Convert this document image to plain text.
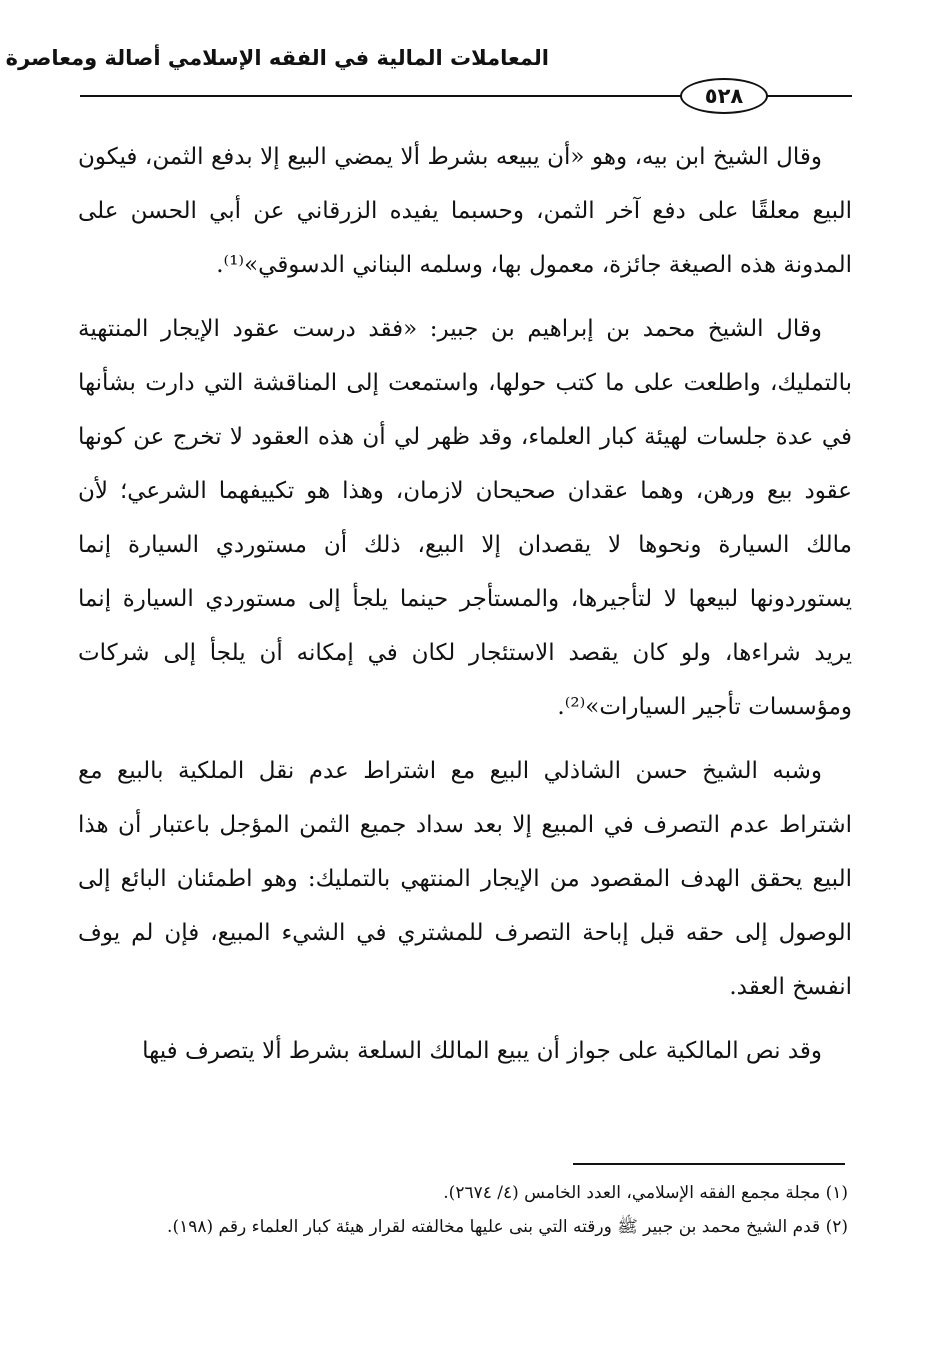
المعاملات المالية في الفقه الإسلامي أصالة ومعاصرة
٥٢٨

وقال الشيخ ابن بيه، وهو «أن يبيعه بشرط ألا يمضي البيع إلا بدفع الثمن، فيكون البيع معلقًا على دفع آخر الثمن، وحسبما يفيده الزرقاني عن أبي الحسن على المدونة هذه الصيغة جائزة، معمول بها، وسلمه البناني الدسوقي»⁽¹⁾.

وقال الشيخ محمد بن إبراهيم بن جبير: «فقد درست عقود الإيجار المنتهية بالتمليك، واطلعت على ما كتب حولها، واستمعت إلى المناقشة التي دارت بشأنها في عدة جلسات لهيئة كبار العلماء، وقد ظهر لي أن هذه العقود لا تخرج عن كونها عقود بيع ورهن، وهما عقدان صحيحان لازمان، وهذا هو تكييفهما الشرعي؛ لأن مالك السيارة ونحوها لا يقصدان إلا البيع، ذلك أن مستوردي السيارة إنما يستوردونها لبيعها لا لتأجيرها، والمستأجر حينما يلجأ إلى مستوردي السيارة إنما يريد شراءها، ولو كان يقصد الاستئجار لكان في إمكانه أن يلجأ إلى شركات ومؤسسات تأجير السيارات»⁽²⁾.

وشبه الشيخ حسن الشاذلي البيع مع اشتراط عدم نقل الملكية بالبيع مع اشتراط عدم التصرف في المبيع إلا بعد سداد جميع الثمن المؤجل باعتبار أن هذا البيع يحقق الهدف المقصود من الإيجار المنتهي بالتمليك: وهو اطمئنان البائع إلى الوصول إلى حقه قبل إباحة التصرف للمشتري في الشيء المبيع، فإن لم يوف انفسخ العقد.

وقد نص المالكية على جواز أن يبيع المالك السلعة بشرط ألا يتصرف فيها

(١) مجلة مجمع الفقه الإسلامي، العدد الخامس (٤/ ٢٦٧٤).

(٢) قدم الشيخ محمد بن جبير ﷺ ورقته التي بنى عليها مخالفته لقرار هيئة كبار العلماء رقم (١٩٨).
